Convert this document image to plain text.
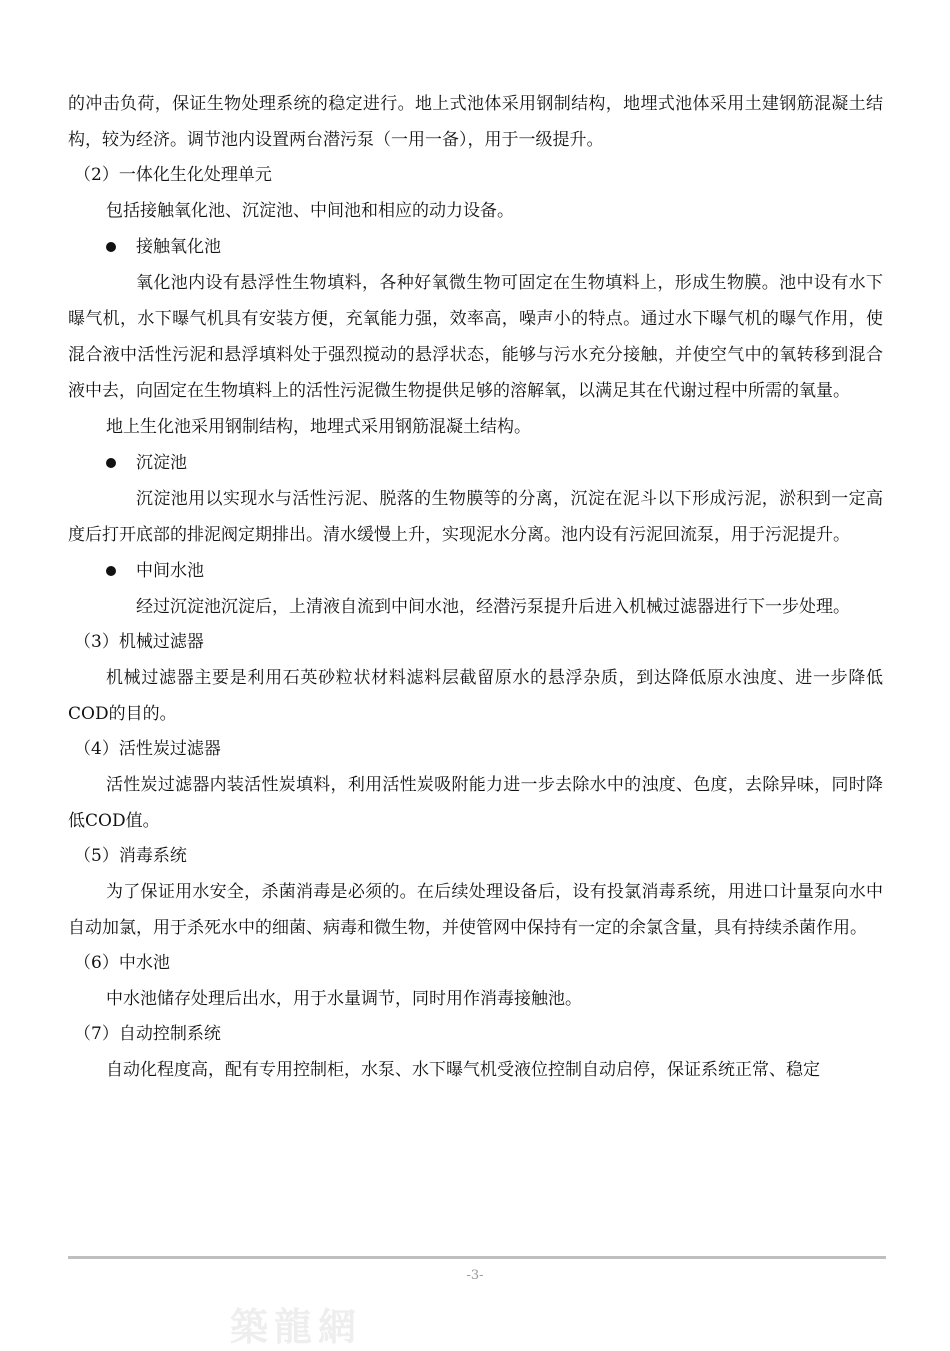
的冲击负荷，保证生物处理系统的稳定进行。地上式池体采用钢制结构，地埋式池体采用土建钢筋混凝土结构，较为经济。调节池内设置两台潜污泵（一用一备），用于一级提升。

（2）一体化生化处理单元

包括接触氧化池、沉淀池、中间池和相应的动力设备。

接触氧化池

氧化池内设有悬浮性生物填料，各种好氧微生物可固定在生物填料上，形成生物膜。池中设有水下曝气机，水下曝气机具有安装方便，充氧能力强，效率高，噪声小的特点。通过水下曝气机的曝气作用，使混合液中活性污泥和悬浮填料处于强烈搅动的悬浮状态，能够与污水充分接触，并使空气中的氧转移到混合液中去，向固定在生物填料上的活性污泥微生物提供足够的溶解氧，以满足其在代谢过程中所需的氧量。

地上生化池采用钢制结构，地埋式采用钢筋混凝土结构。

沉淀池

沉淀池用以实现水与活性污泥、脱落的生物膜等的分离，沉淀在泥斗以下形成污泥，淤积到一定高度后打开底部的排泥阀定期排出。清水缓慢上升，实现泥水分离。池内设有污泥回流泵，用于污泥提升。

中间水池

经过沉淀池沉淀后，上清液自流到中间水池，经潜污泵提升后进入机械过滤器进行下一步处理。

（3）机械过滤器

机械过滤器主要是利用石英砂粒状材料滤料层截留原水的悬浮杂质，到达降低原水浊度、进一步降低COD的目的。

（4）活性炭过滤器

活性炭过滤器内装活性炭填料，利用活性炭吸附能力进一步去除水中的浊度、色度，去除异味，同时降低COD值。

（5）消毒系统

为了保证用水安全，杀菌消毒是必须的。在后续处理设备后，设有投氯消毒系统，用进口计量泵向水中自动加氯，用于杀死水中的细菌、病毒和微生物，并使管网中保持有一定的余氯含量，具有持续杀菌作用。

（6）中水池

中水池储存处理后出水，用于水量调节，同时用作消毒接触池。

（7）自动控制系统

自动化程度高，配有专用控制柜，水泵、水下曝气机受液位控制自动启停，保证系统正常、稳定

-3-
築龍網
